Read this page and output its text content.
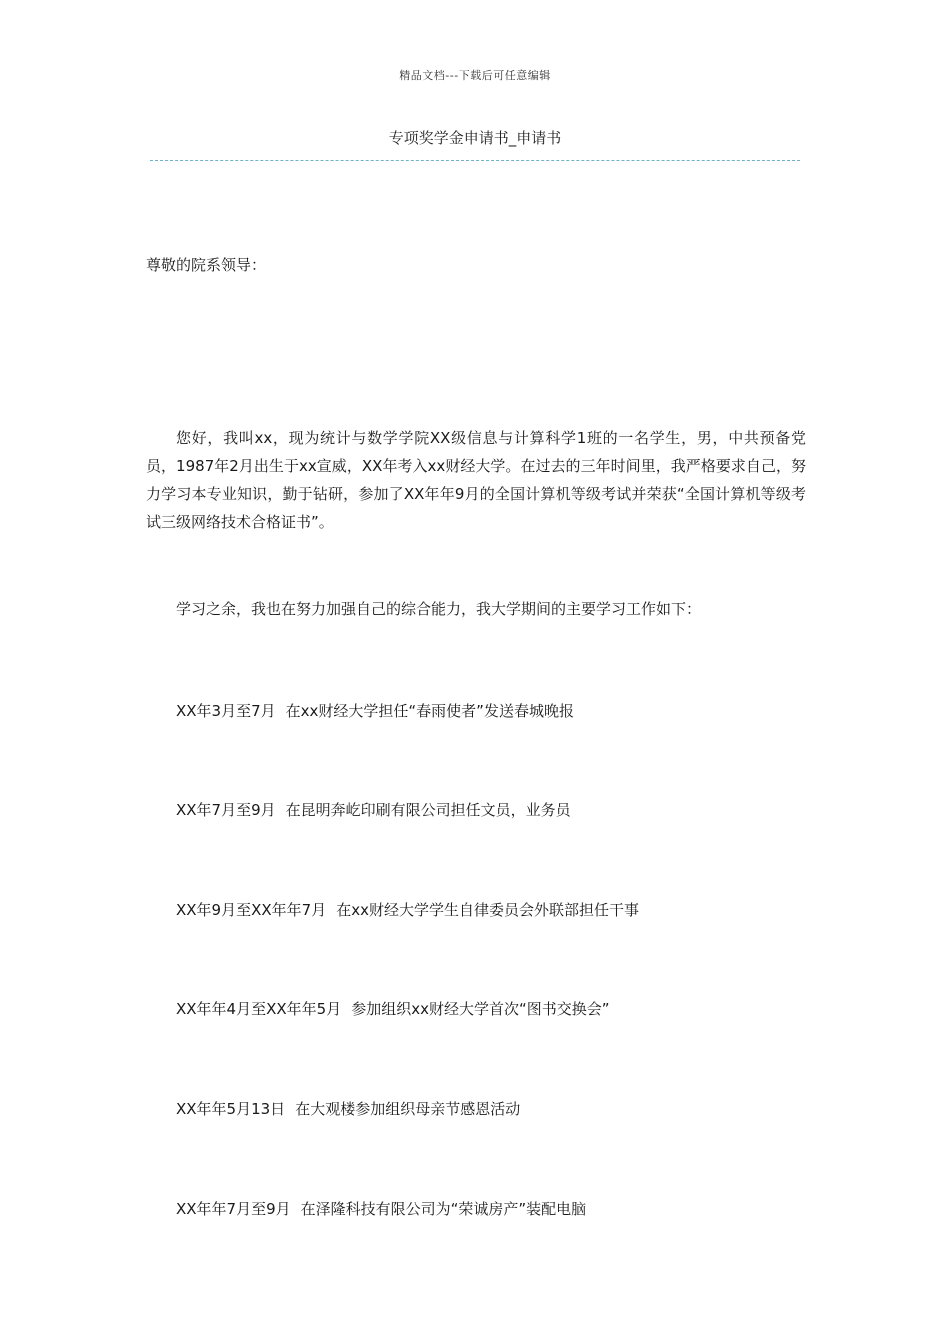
精品文档---下载后可任意编辑
专项奖学金申请书_申请书
尊敬的院系领导：
您好，我叫xx，现为统计与数学学院XX级信息与计算科学1班的一名学生，男，中共预备党员，1987年2月出生于xx宣威，XX年考入xx财经大学。在过去的三年时间里，我严格要求自己，努力学习本专业知识，勤于钻研，参加了XX年年9月的全国计算机等级考试并荣获“全国计算机等级考试三级网络技术合格证书”。
学习之余，我也在努力加强自己的综合能力，我大学期间的主要学习工作如下：
XX年3月至7月 在xx财经大学担任“春雨使者”发送春城晚报
XX年7月至9月 在昆明奔屹印刷有限公司担任文员，业务员
XX年9月至XX年年7月 在xx财经大学学生自律委员会外联部担任干事
XX年年4月至XX年年5月 参加组织xx财经大学首次“图书交换会”
XX年年5月13日 在大观楼参加组织母亲节感恩活动
XX年年7月至9月 在泽隆科技有限公司为“荣诚房产”装配电脑
